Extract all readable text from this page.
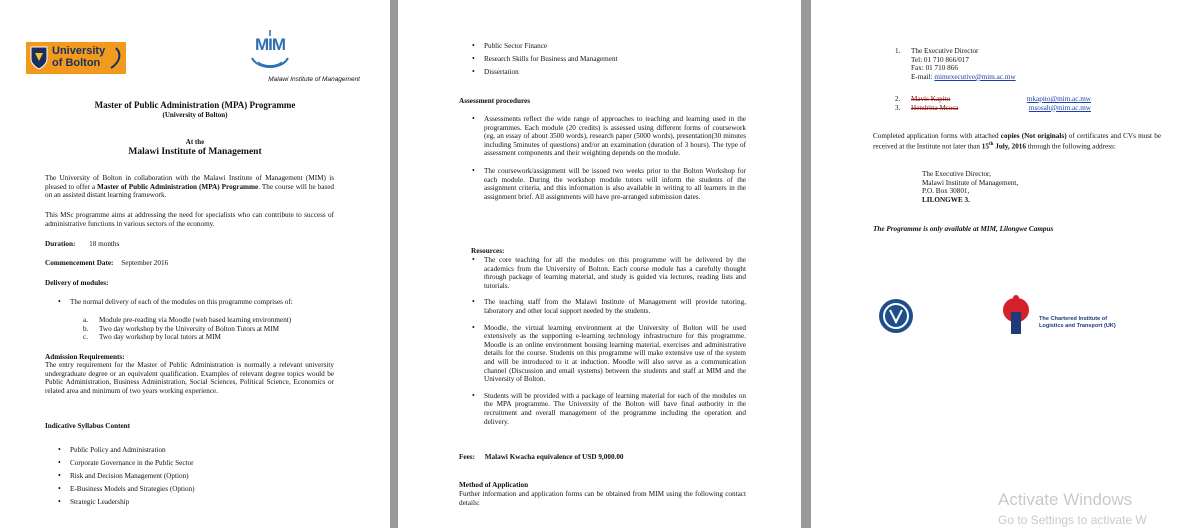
University
of Bolton
MIM
Malawi Institute of Management
Master of Public Administration (MPA) Programme
(University of Bolton)
At the
Malawi Institute of Management
The University of Bolton in collaboration with the Malawi Institute of Management (MIM) is pleased to offer a Master of Public Administration (MPA) Programme. The course will be based on an assisted distant learning framework.
This MSc programme aims at addressing the need for specialists who can contribute to success of administrative functions in various sectors of the economy.
Duration: 18 months
Commencement Date: September 2016
Delivery of modules:
• The normal delivery of each of the modules on this programme comprises of:
a.	Module pre-reading via Moodle (web based learning environment)
b.	Two day workshop by the University of Bolton Tutors at MIM
c.	Two day workshop by local tutors at MIM
Admission Requirements:
The entry requirement for the Master of Public Administration is normally a relevant university undergraduate degree or an equivalent qualification. Examples of relevant degree topics would be Public Administration, Business Administration, Social Sciences, Political Science, Economics or related area and minimum of two years working experience.
Indicative Syllabus Content
• Public Policy and Administration
• Corporate Governance in the Public Sector
• Risk and Decision Management (Option)
• E-Business Models and Strategies (Option)
• Strategic Leadership
• Public Sector Finance
• Research Skills for Business and Management
• Dissertation
Assessment procedures
• Assessments reflect the wide range of approaches to teaching and learning used in the programmes. Each module (20 credits) is assessed using different forms of coursework (eg, an essay of about 3500 words), research paper (5000 words), presentation(30 minutes including 5minutes of questions) and/or an examination (duration of 3 hours). The type of assessment components and their weighting depends on the module.
• The coursework/assignment will be issued two weeks prior to the Bolton Workshop for each module. During the workshop module tutors will inform the students of the assignment criteria, and this information is also available in writing to all learners in the assignment brief. All assignments will have pre-arranged submission dates.
Resources:
• The core teaching for all the modules on this programme will be delivered by the academics from the University of Bolton. Each course module has a carefully thought through package of learning material, and study is guided via lectures, reading lists and tutorials.
• The teaching staff from the Malawi Institute of Management will provide tutoring, laboratory and other local support needed by the students.
• Moodle, the virtual learning environment at the University of Bolton will be used extensively as the supporting e-learning technology infrastructure for this programme. Moodle is an online environment housing learning material, exercises and administrative details for the course. Students on this programme will make extensive use of the system and will be introduced to it at induction. Moodle will also serve as a communication channel (Discussion and email systems) between the students and staff at MIM and the University of Bolton.
• Students will be provided with a package of learning material for each of the modules on the MPA programme. The University of the Bolton will have final authority in the recruitment and overall management of the programme including the operation and delivery.
Fees: Malawi Kwacha equivalence of USD 9,000.00
Method of Application
Further information and application forms can be obtained from MIM using the following contact details:
1. The Executive Director
Tel: 01 710 866/017
Fax: 01 710 866
E-mail: mimexecutive@mim.ac.mw
2. Mavis Kapito	mkapito@mim.ac.mw
3. Hendrina Msosa	msosah@mim.ac.mw
Completed application forms with attached copies (Not originals) of certificates and CVs must be received at the Institute not later than 15th July, 2016 through the following address:
The Executive Director,
Malawi Institute of Management,
P.O. Box 30801,
LILONGWE 3.
The Programme is only available at MIM, Lilongwe Campus
The Chartered Institute of
Logistics and Transport (UK)
Activate Windows
Go to Settings to activate W
